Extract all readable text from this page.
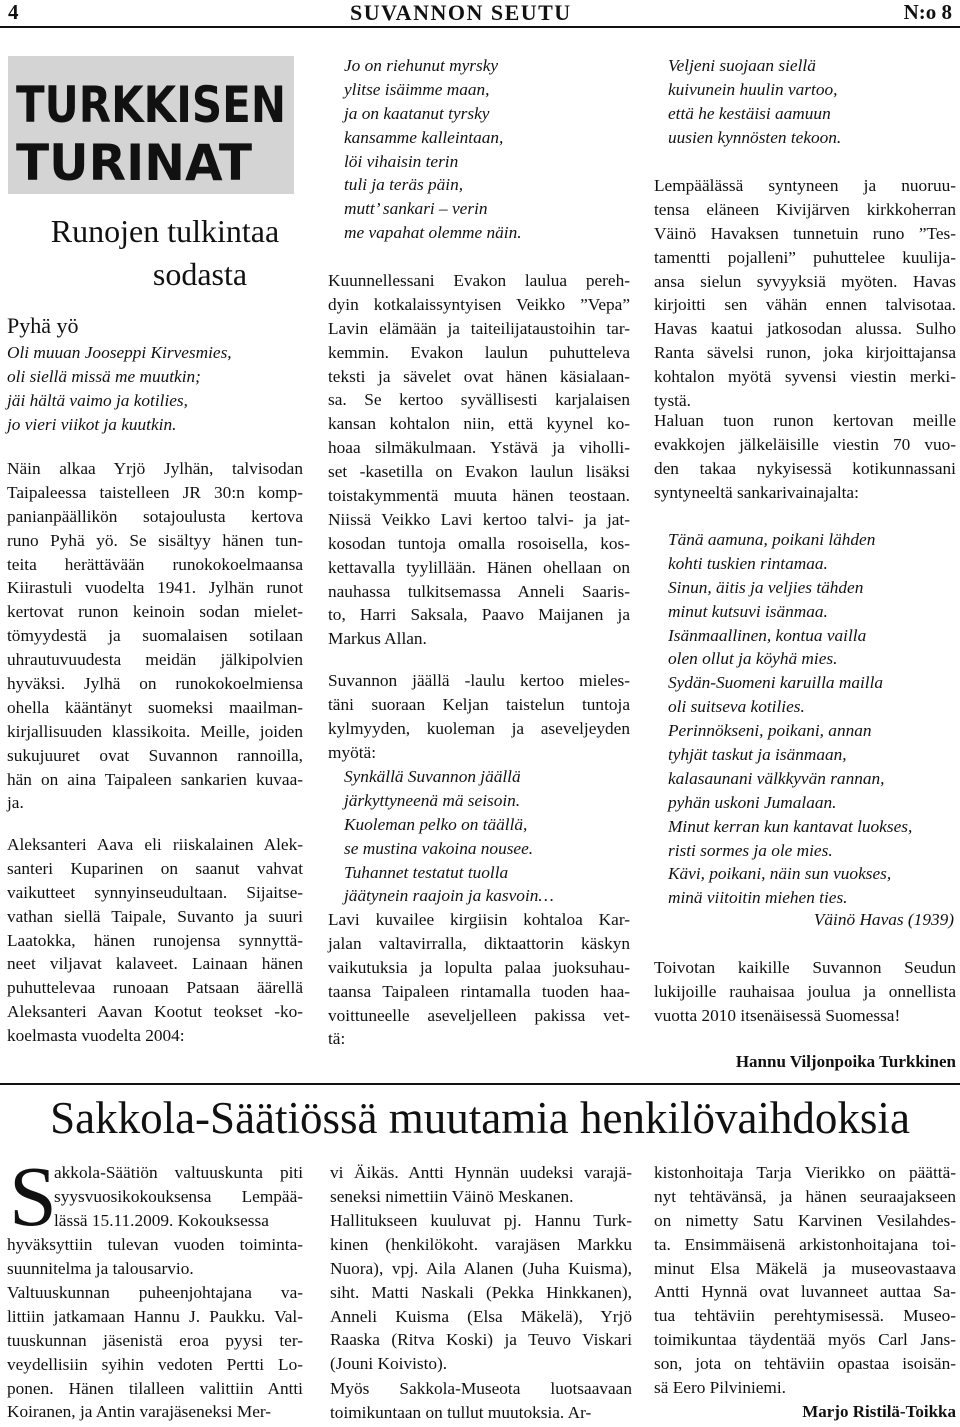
4	SUVANNON SEUTU	N:o 8
TURKKISEN
TURINAT
Runojen tulkintaa
sodasta
Pyhä yö
Oli muuan Jooseppi Kirvesmies,
oli siellä missä me muutkin;
jäi hältä vaimo ja kotilies,
jo vieri viikot ja kuutkin.
Näin alkaa Yrjö Jylhän, talvisodan
Taipaleessa taistelleen JR 30:n komp-
panianpäällikön sotajoulusta kertova
runo Pyhä yö. Se sisältyy hänen tun-
teita herättävään runokokoelmaansa
Kiirastuli vuodelta 1941. Jylhän runot
kertovat runon keinoin sodan mielet-
tömyydestä ja suomalaisen sotilaan
uhrautuvuudesta meidän jälkipolvien
hyväksi. Jylhä on runokokoelmiensa
ohella kääntänyt suomeksi maailman-
kirjallisuuden klassikoita. Meille, joiden
sukujuuret ovat Suvannon rannoilla,
hän on aina Taipaleen sankarien kuvaa-
ja.
Aleksanteri Aava eli riiskalainen Alek-
santeri Kuparinen on saanut vahvat
vaikutteet synnyinseudultaan. Sijaitse-
vathan siellä Taipale, Suvanto ja suuri
Laatokka, hänen runojensa synnyttä-
neet viljavat kalaveet. Lainaan hänen
puhuttelevaa runoaan Patsaan äärellä
Aleksanteri Aavan Kootut teokset -ko-
koelmasta vuodelta 2004:
Jo on riehunut myrsky
ylitse isäimme maan,
ja on kaatanut tyrsky
kansamme kalleintaan,
löi vihaisin terin
tuli ja teräs päin,
mutt’ sankari – verin
me vapahat olemme näin.
Kuunnellessani Evakon laulua pereh-
dyin kotkalaissyntyisen Veikko ”Vepa”
Lavin elämään ja taiteilijataustoihin tar-
kemmin. Evakon laulun puhutteleva
teksti ja sävelet ovat hänen käsialaan-
sa. Se kertoo syvällisesti karjalaisen
kansan kohtalon niin, että kyynel ko-
hoaa silmäkulmaan. Ystävä ja viholli-
set -kasetilla on Evakon laulun lisäksi
toistakymmentä muuta hänen teostaan.
Niissä Veikko Lavi kertoo talvi- ja jat-
kosodan tuntoja omalla rosoisella, kos-
kettavalla tyylillään. Hänen ohellaan on
nauhassa tulkitsemassa Anneli Saaris-
to, Harri Saksala, Paavo Maijanen ja
Markus Allan.
Suvannon jäällä -laulu kertoo mieles-
täni suoraan Keljan taistelun tuntoja
kylmyyden, kuoleman ja aseveljeyden
myötä:
Synkällä Suvannon jäällä
järkyttyneenä mä seisoin.
Kuoleman pelko on täällä,
se mustina vakoina nousee.
Tuhannet testatut tuolla
jäätynein raajoin ja kasvoin…
Lavi kuvailee kirgiisin kohtaloa Kar-
jalan valtavirralla, diktaattorin käskyn
vaikutuksia ja lopulta palaa juoksuhau-
taansa Taipaleen rintamalla tuoden haa-
voittuneelle aseveljelleen pakissa vet-
tä:
Veljeni suojaan siellä
kuivunein huulin vartoo,
että he kestäisi aamuun
uusien kynnösten tekoon.
Lempäälässä syntyneen ja nuoruu-
tensa eläneen Kivijärven kirkkoherran
Väinö Havaksen tunnetuin runo ”Tes-
tamentti pojalleni” puhuttelee kuulija-
ansa sielun syvyyksiä myöten. Havas
kirjoitti sen vähän ennen talvisotaa.
Havas kaatui jatkosodan alussa. Sulho
Ranta sävelsi runon, joka kirjoittajansa
kohtalon myötä syvensi viestin merki-
tystä.
Haluan tuon runon kertovan meille
evakkojen jälkeläisille viestin 70 vuo-
den takaa nykyisessä kotikunnassani
syntyneeltä sankarivainajalta:
Tänä aamuna, poikani lähden
kohti tuskien rintamaa.
Sinun, äitis ja veljies tähden
minut kutsuvi isänmaa.
Isänmaallinen, kontua vailla
olen ollut ja köyhä mies.
Sydän-Suomeni karuilla mailla
oli suitseva kotilies.
Perinnökseni, poikani, annan
tyhjät taskut ja isänmaan,
kalasaunani välkkyvän rannan,
pyhän uskoni Jumalaan.
Minut kerran kun kantavat luokses,
risti sormes ja ole mies.
Kävi, poikani, näin sun vuokses,
minä viitoitin miehen ties.
Väinö Havas (1939)
Toivotan kaikille Suvannon Seudun
lukijoille rauhaisaa joulua ja onnellista
vuotta 2010 itsenäisessä Suomessa!
Hannu Viljonpoika Turkkinen
Sakkola-Säätiössä muutamia henkilövaihdoksia
S
akkola-Säätiön valtuuskunta piti
syysvuosikokouksensa Lempää-
lässä 15.11.2009. Kokouksessa
hyväksyttiin tulevan vuoden toiminta-
suunnitelma ja talousarvio.
Valtuuskunnan puheenjohtajana va-
littiin jatkamaan Hannu J. Paukku. Val-
tuuskunnan jäsenistä eroa pyysi ter-
veydellisiin syihin vedoten Pertti Lo-
ponen. Hänen tilalleen valittiin Antti
Koiranen, ja Antin varajäseneksi Mer-
vi Äikäs. Antti Hynnän uudeksi varajä-
seneksi nimettiin Väinö Meskanen.
Hallitukseen kuuluvat pj. Hannu Turk-
kinen (henkilökoht. varajäsen Markku
Nuora), vpj. Aila Alanen (Juha Kuisma),
siht. Matti Naskali (Pekka Hinkkanen),
Anneli Kuisma (Elsa Mäkelä), Yrjö
Raaska (Ritva Koski) ja Teuvo Viskari
(Jouni Koivisto).
Myös Sakkola-Museota luotsaavaan
toimikuntaan on tullut muutoksia. Ar-
kistonhoitaja Tarja Vierikko on päättä-
nyt tehtävänsä, ja hänen seuraajakseen
on nimetty Satu Karvinen Vesilahdes-
ta. Ensimmäisenä arkistonhoitajana toi-
minut Elsa Mäkelä ja museovastaava
Antti Hynnä ovat luvanneet auttaa Sa-
tua tehtäviin perehtymisessä. Museo-
toimikuntaa täydentää myös Carl Jans-
son, jota on tehtäviin opastaa isoisän-
sä Eero Pilviniemi.
Marjo Ristilä-Toikka
